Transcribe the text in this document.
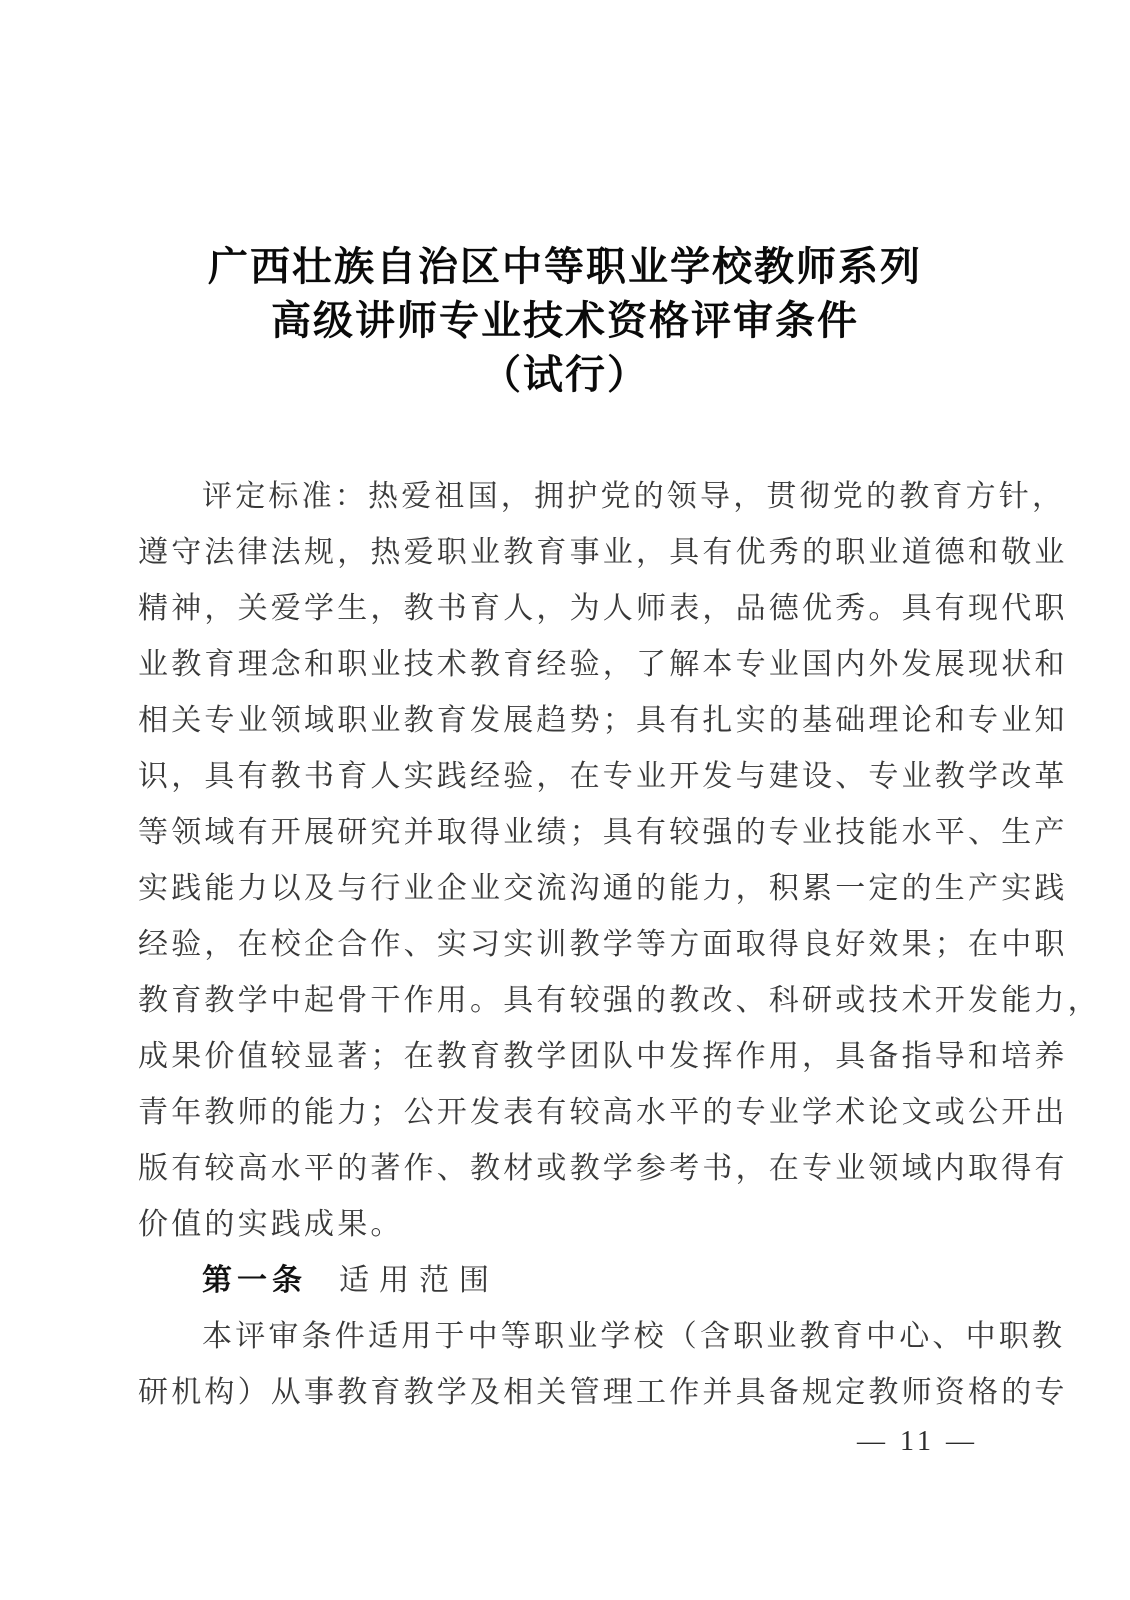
广西壮族自治区中等职业学校教师系列
高级讲师专业技术资格评审条件
（试行）
评定标准：热爱祖国，拥护党的领导，贯彻党的教育方针，
遵守法律法规，热爱职业教育事业，具有优秀的职业道德和敬业
精神，关爱学生，教书育人，为人师表，品德优秀。具有现代职
业教育理念和职业技术教育经验，了解本专业国内外发展现状和
相关专业领域职业教育发展趋势；具有扎实的基础理论和专业知
识，具有教书育人实践经验，在专业开发与建设、专业教学改革
等领域有开展研究并取得业绩；具有较强的专业技能水平、生产
实践能力以及与行业企业交流沟通的能力，积累一定的生产实践
经验，在校企合作、实习实训教学等方面取得良好效果；在中职
教育教学中起骨干作用。具有较强的教改、科研或技术开发能力，
成果价值较显著；在教育教学团队中发挥作用，具备指导和培养
青年教师的能力；公开发表有较高水平的专业学术论文或公开出
版有较高水平的著作、教材或教学参考书，在专业领域内取得有
价值的实践成果。
第一条 适用范围
本评审条件适用于中等职业学校（含职业教育中心、中职教
研机构）从事教育教学及相关管理工作并具备规定教师资格的专
— 11 —
